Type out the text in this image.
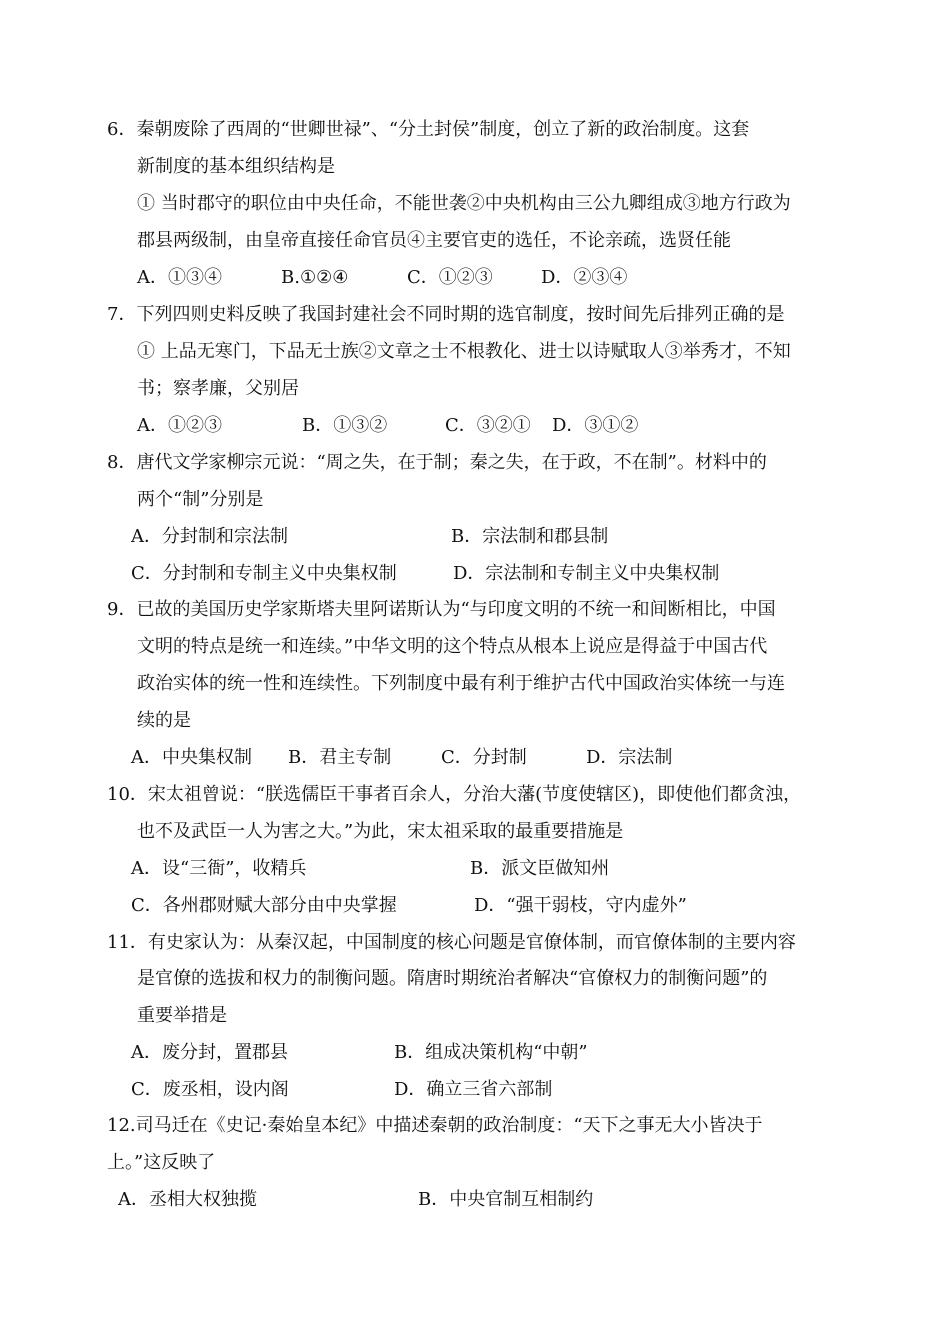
6．秦朝废除了西周的“世卿世禄”、“分土封侯”制度，创立了新的政治制度。这套
新制度的基本组织结构是
① 当时郡守的职位由中央任命，不能世袭②中央机构由三公九卿组成③地方行政为
郡县两级制，由皇帝直接任命官员④主要官吏的选任，不论亲疏，选贤任能
A．①③④	B.①②④	C．①②③	D．②③④
7．下列四则史料反映了我国封建社会不同时期的选官制度，按时间先后排列正确的是
① 上品无寒门，下品无士族②文章之士不根教化、进士以诗赋取人③举秀才，不知
书；察孝廉，父别居
A．①②③	B．①③②	C．③②① D．③①②
8．唐代文学家柳宗元说：“周之失，在于制；秦之失，在于政，不在制”。材料中的
两个“制”分别是
A．分封制和宗法制	B．宗法制和郡县制
C．分封制和专制主义中央集权制	D．宗法制和专制主义中央集权制
9．已故的美国历史学家斯塔夫里阿诺斯认为“与印度文明的不统一和间断相比，中国
文明的特点是统一和连续。”中华文明的这个特点从根本上说应是得益于中国古代
政治实体的统一性和连续性。下列制度中最有利于维护古代中国政治实体统一与连
续的是
A．中央集权制 B．君主专制	C．分封制	D．宗法制
10．宋太祖曾说：“朕选儒臣干事者百余人，分治大藩(节度使辖区)，即使他们都贪浊，
也不及武臣一人为害之大。”为此，宋太祖采取的最重要措施是
A．设“三衙”，收精兵	B．派文臣做知州
C．各州郡财赋大部分由中央掌握	D．“强干弱枝，守内虚外”
11．有史家认为：从秦汉起，中国制度的核心问题是官僚体制，而官僚体制的主要内容
是官僚的选拔和权力的制衡问题。隋唐时期统治者解决“官僚权力的制衡问题”的
重要举措是
A．废分封，置郡县	B．组成决策机构“中朝”
C．废丞相，设内阁	D．确立三省六部制
12.司马迁在《史记·秦始皇本纪》中描述秦朝的政治制度：“天下之事无大小皆决于
上。”这反映了
A．丞相大权独揽	B．中央官制互相制约
